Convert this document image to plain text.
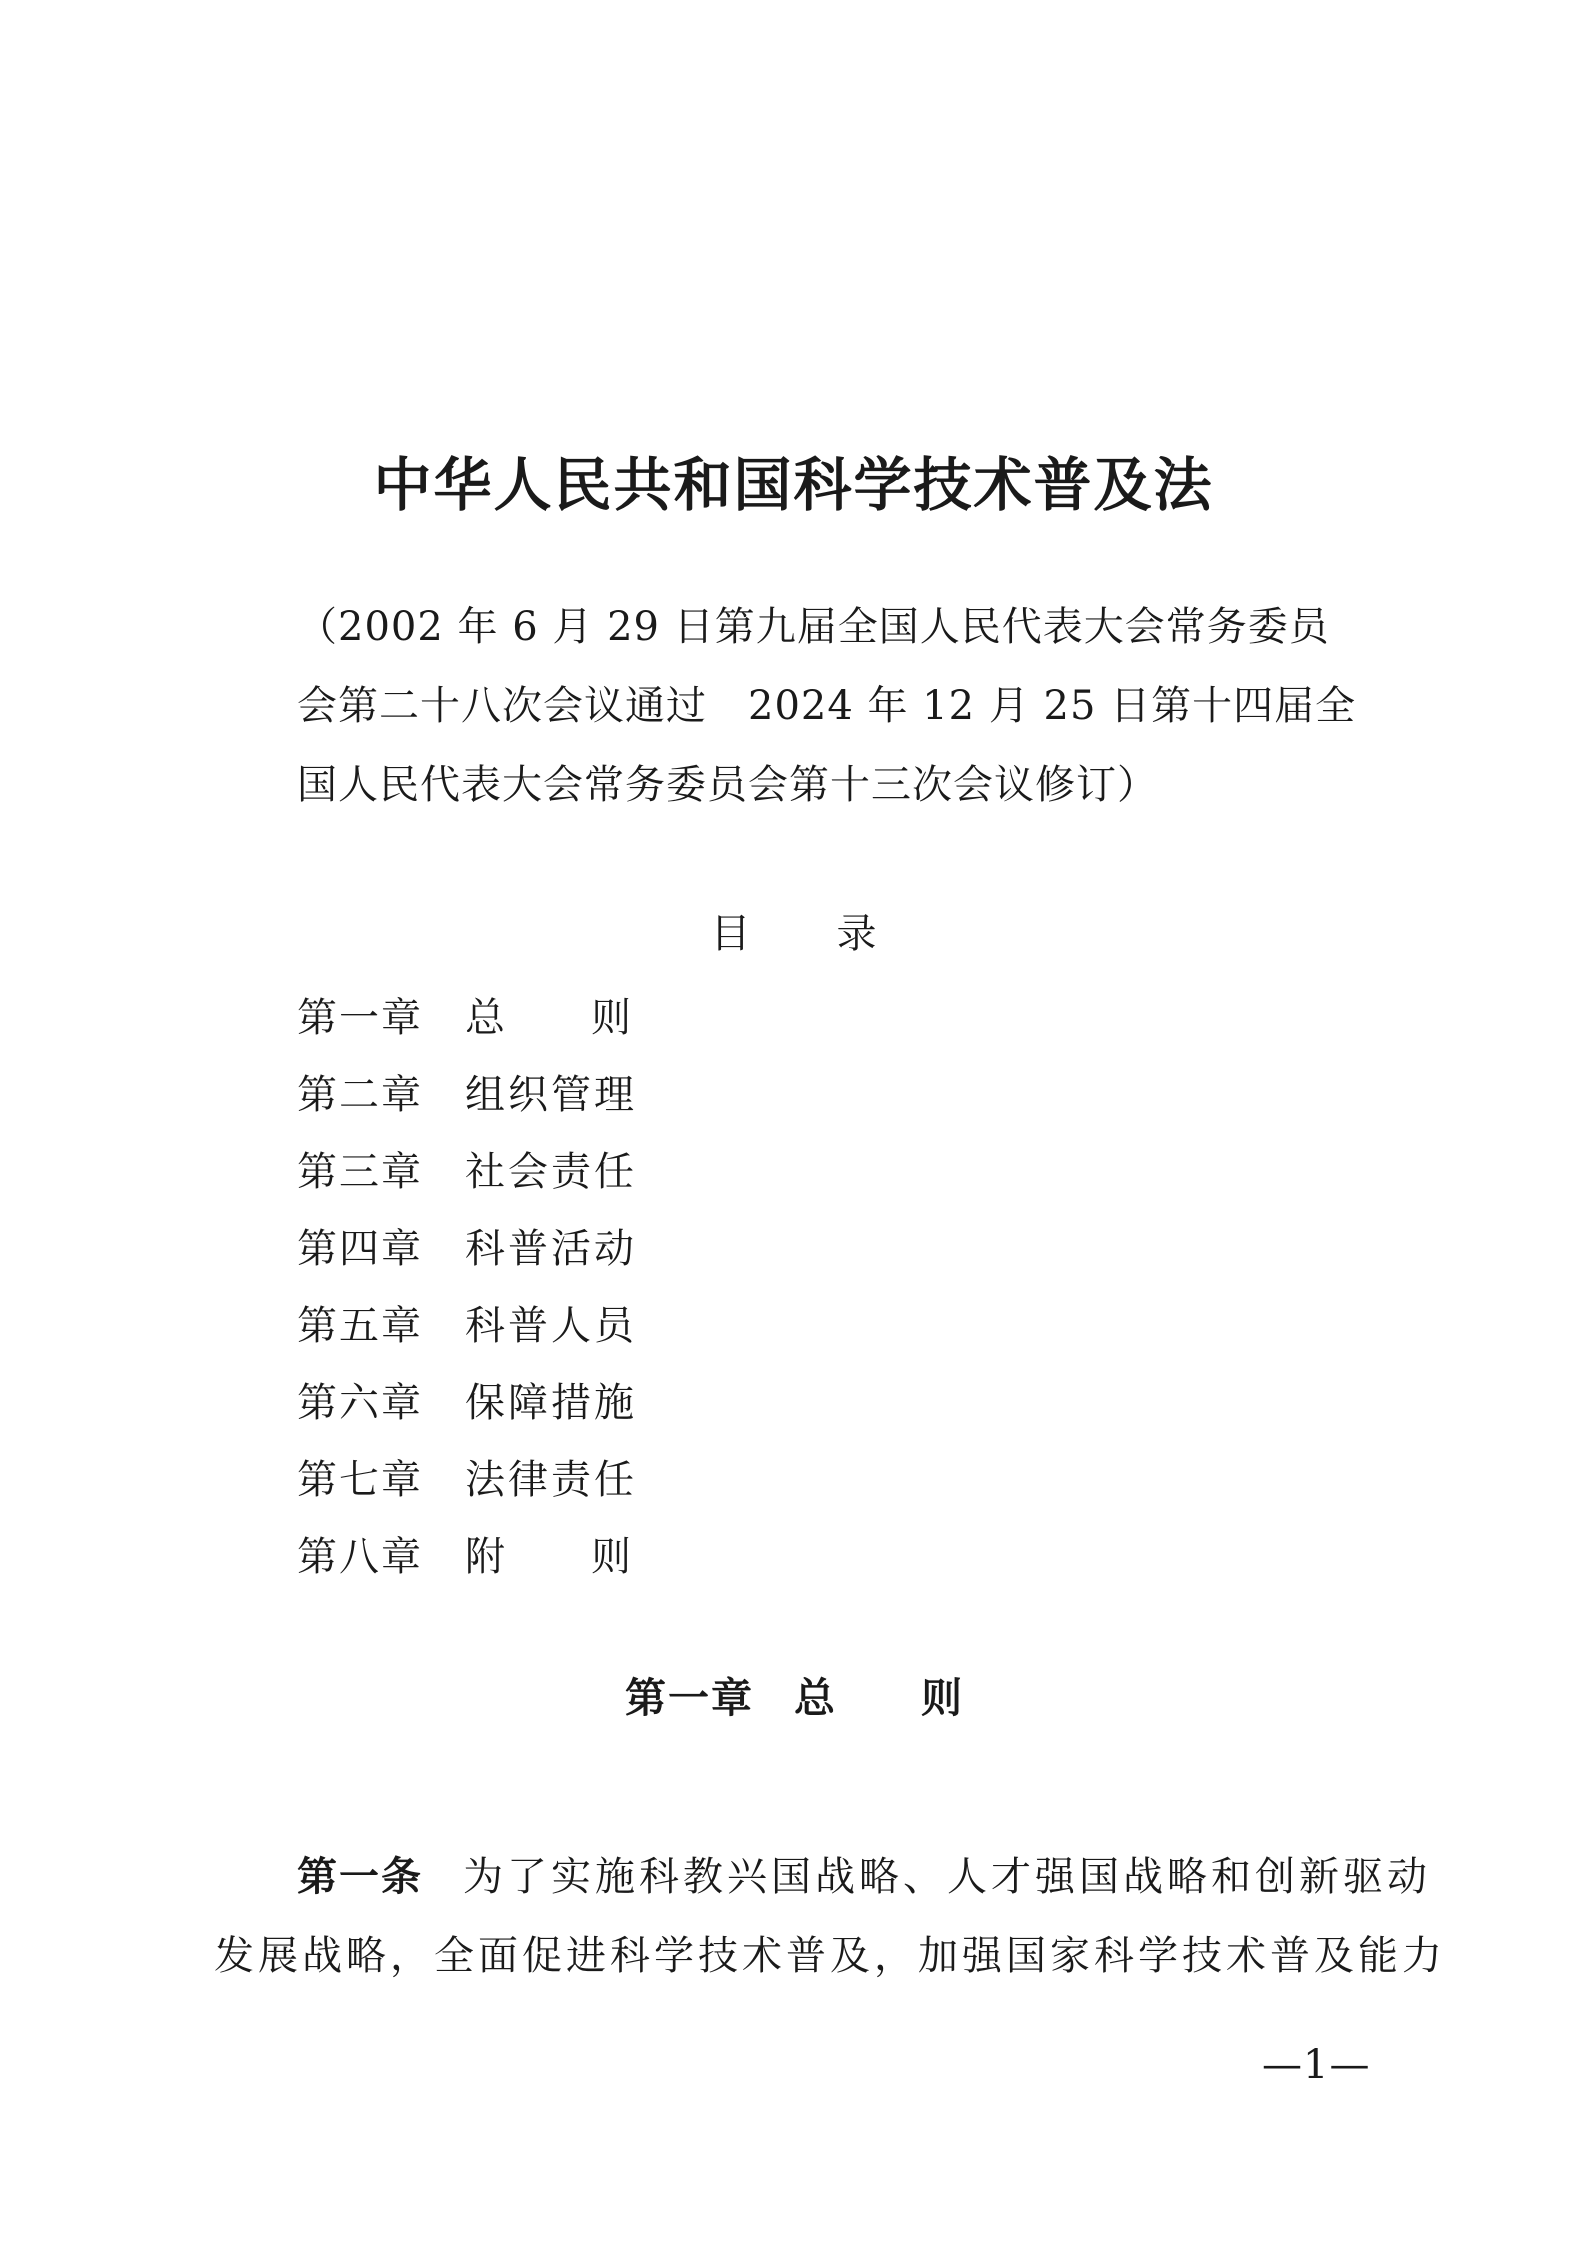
中华人民共和国科学技术普及法
（2002 年 6 月 29 日第九届全国人民代表大会常务委员
会第二十八次会议通过　2024 年 12 月 25 日第十四届全
国人民代表大会常务委员会第十三次会议修订）
目录
第一章	总则
第二章	组织管理
第三章	社会责任
第四章	科普活动
第五章	科普人员
第六章	保障措施
第七章	法律责任
第八章	附则
第一章 总则
第一条 为了实施科教兴国战略、人才强国战略和创新驱动
发展战略，全面促进科学技术普及，加强国家科学技术普及能力
—1—
